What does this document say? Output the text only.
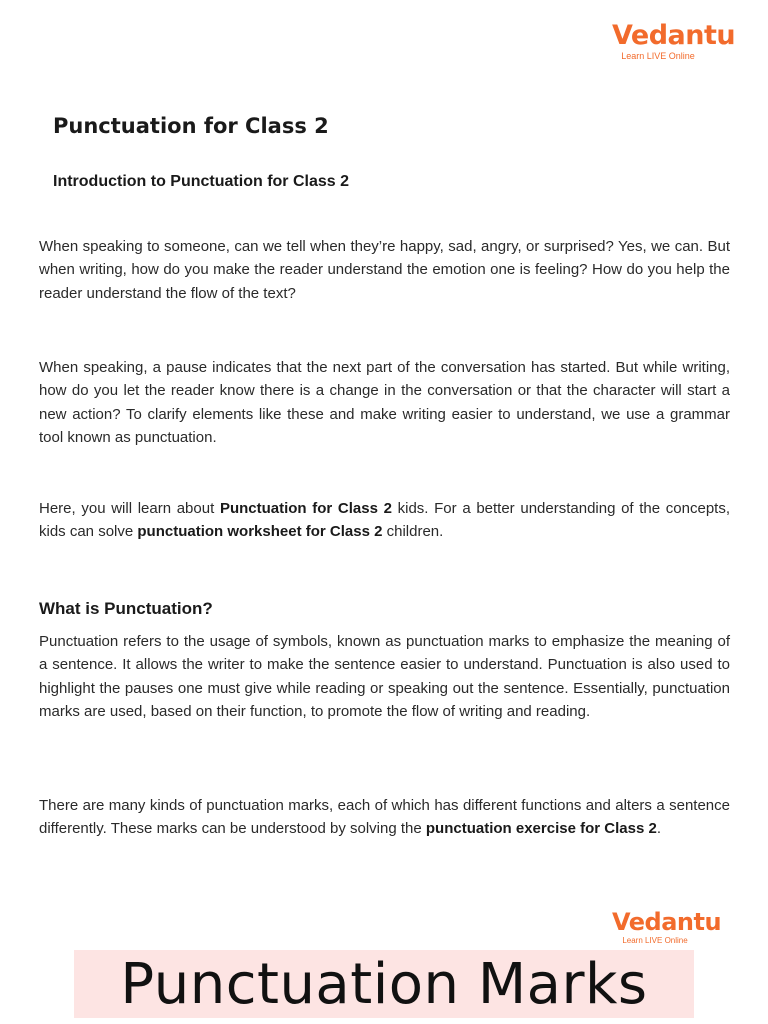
Vedantu
Learn LIVE Online
Punctuation for Class 2
Introduction to Punctuation for Class 2

When speaking to someone, can we tell when they’re happy, sad, angry, or surprised? Yes, we can. But when writing, how do you make the reader understand the emotion one is feeling? How do you help the reader understand the flow of the text?

When speaking, a pause indicates that the next part of the conversation has started. But while writing, how do you let the reader know there is a change in the conversation or that the character will start a new action? To clarify elements like these and make writing easier to understand, we use a grammar tool known as punctuation.

Here, you will learn about Punctuation for Class 2 kids. For a better understanding of the concepts, kids can solve punctuation worksheet for Class 2 children.

What is Punctuation?

Punctuation refers to the usage of symbols, known as punctuation marks to emphasize the meaning of a sentence. It allows the writer to make the sentence easier to understand. Punctuation is also used to highlight the pauses one must give while reading or speaking out the sentence. Essentially, punctuation marks are used, based on their function, to promote the flow of writing and reading.

There are many kinds of punctuation marks, each of which has different functions and alters a sentence differently. These marks can be understood by solving the punctuation exercise for Class 2.

Vedantu
Learn LIVE Online
Punctuation Marks
